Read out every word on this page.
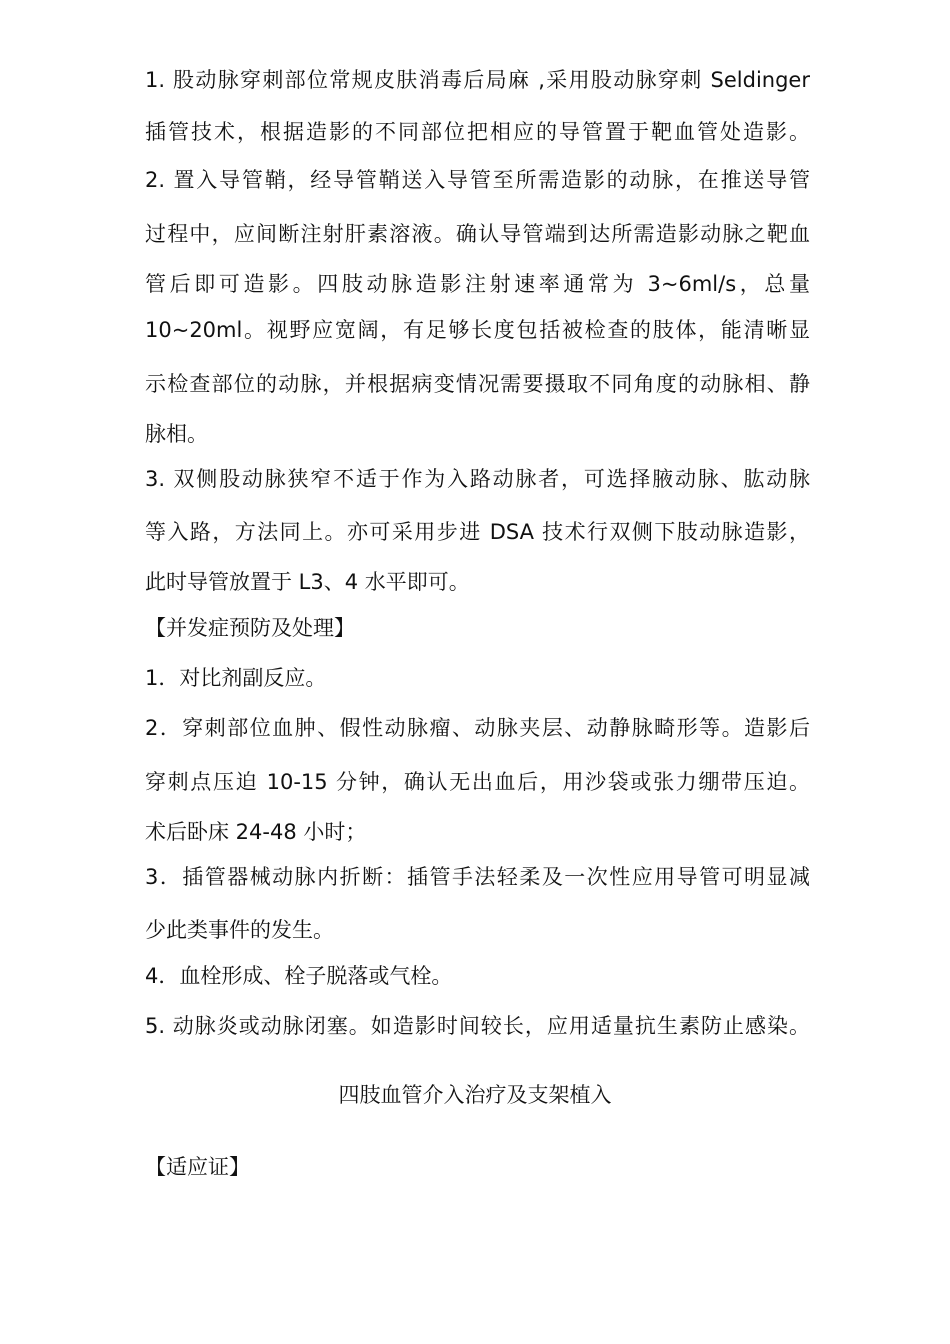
1. 股动脉穿刺部位常规皮肤消毒后局麻 ,采用股动脉穿刺 Seldinger
插管技术，根据造影的不同部位把相应的导管置于靶血管处造影。
2. 置入导管鞘，经导管鞘送入导管至所需造影的动脉，在推送导管
过程中，应间断注射肝素溶液。确认导管端到达所需造影动脉之靶血
管后即可造影。四肢动脉造影注射速率通常为 3~6ml/s，总量
10~20ml。视野应宽阔，有足够长度包括被检查的肢体，能清晰显
示检查部位的动脉，并根据病变情况需要摄取不同角度的动脉相、静
脉相。
3. 双侧股动脉狭窄不适于作为入路动脉者，可选择腋动脉、肱动脉
等入路，方法同上。亦可采用步进 DSA 技术行双侧下肢动脉造影，
此时导管放置于 L3、4 水平即可。
【并发症预防及处理】
1．对比剂副反应。
2．穿刺部位血肿、假性动脉瘤、动脉夹层、动静脉畸形等。造影后
穿刺点压迫 10-15 分钟，确认无出血后，用沙袋或张力绷带压迫。
术后卧床 24-48 小时；
3．插管器械动脉内折断：插管手法轻柔及一次性应用导管可明显减
少此类事件的发生。
4．血栓形成、栓子脱落或气栓。
5. 动脉炎或动脉闭塞。如造影时间较长，应用适量抗生素防止感染。
四肢血管介入治疗及支架植入
【适应证】
